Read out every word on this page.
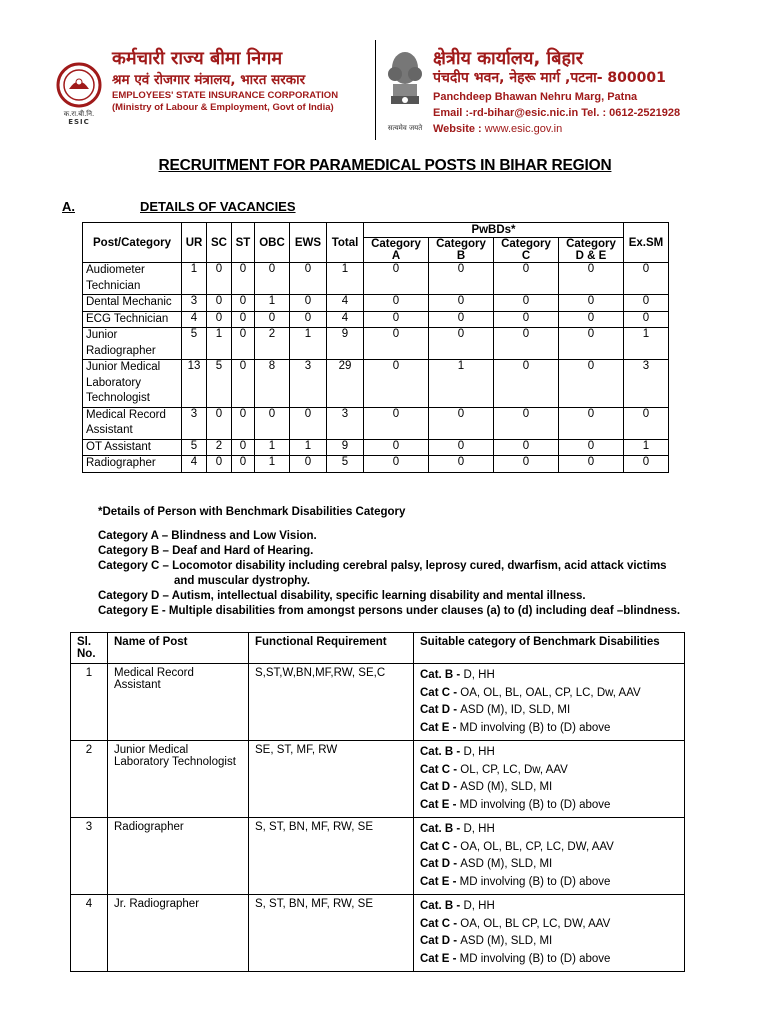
क.रा.बी.नि.
ESIC
कर्मचारी राज्य बीमा निगम
श्रम एवं रोजगार मंत्रालय, भारत सरकार
EMPLOYEES' STATE INSURANCE CORPORATION
(Ministry of Labour & Employment, Govt of India)
सत्यमेव जयते
क्षेत्रीय कार्यालय, बिहार
पंचदीप भवन, नेहरू मार्ग ,पटना- 800001
Panchdeep Bhawan Nehru Marg, Patna
Email :-rd-bihar@esic.nic.in Tel. : 0612-2521928
Website : www.esic.gov.in
RECRUITMENT FOR PARAMEDICAL POSTS IN BIHAR REGION
A.	DETAILS OF VACANCIES
Post/Category	UR	SC	ST	OBC	EWS	Total	PwBDs*				Ex.SM
							Category A	Category B	Category C	Category D & E	
Audiometer Technician	1	0	0	0	0	1	0	0	0	0	0
Dental Mechanic	3	0	0	1	0	4	0	0	0	0	0
ECG Technician	4	0	0	0	0	4	0	0	0	0	0
Junior Radiographer	5	1	0	2	1	9	0	0	0	0	1
Junior Medical Laboratory Technologist	13	5	0	8	3	29	0	1	0	0	3
Medical Record Assistant	3	0	0	0	0	3	0	0	0	0	0
OT Assistant	5	2	0	1	1	9	0	0	0	0	1
Radiographer	4	0	0	1	0	5	0	0	0	0	0
*Details of Person with Benchmark Disabilities Category
Category A – Blindness and Low Vision.
Category B – Deaf and Hard of Hearing.
Category C – Locomotor disability including cerebral palsy, leprosy cured, dwarfism, acid attack victims
and muscular dystrophy.
Category D – Autism, intellectual disability, specific learning disability and mental illness.
Category E - Multiple disabilities from amongst persons under clauses (a) to (d) including deaf –blindness.
Sl. No.	Name of Post	Functional Requirement	Suitable category of Benchmark Disabilities
1	Medical Record Assistant	S,ST,W,BN,MF,RW, SE,C	Cat. B - D, HH
Cat C - OA, OL, BL, OAL, CP, LC, Dw, AAV
Cat D - ASD (M), ID, SLD, MI
Cat E - MD involving (B) to (D) above

2	Junior Medical Laboratory Technologist	SE, ST, MF, RW	Cat. B - D, HH
Cat C - OL, CP, LC, Dw, AAV
Cat D - ASD (M), SLD, MI
Cat E - MD involving (B) to (D) above

3	Radiographer	S, ST, BN, MF, RW, SE	Cat. B - D, HH
Cat C - OA, OL, BL, CP, LC, DW, AAV
Cat D - ASD (M), SLD, MI
Cat E - MD involving (B) to (D) above

4	Jr. Radiographer	S, ST, BN, MF, RW, SE	Cat. B - D, HH
Cat C - OA, OL, BL CP, LC, DW, AAV
Cat D - ASD (M), SLD, MI
Cat E - MD involving (B) to (D) above
